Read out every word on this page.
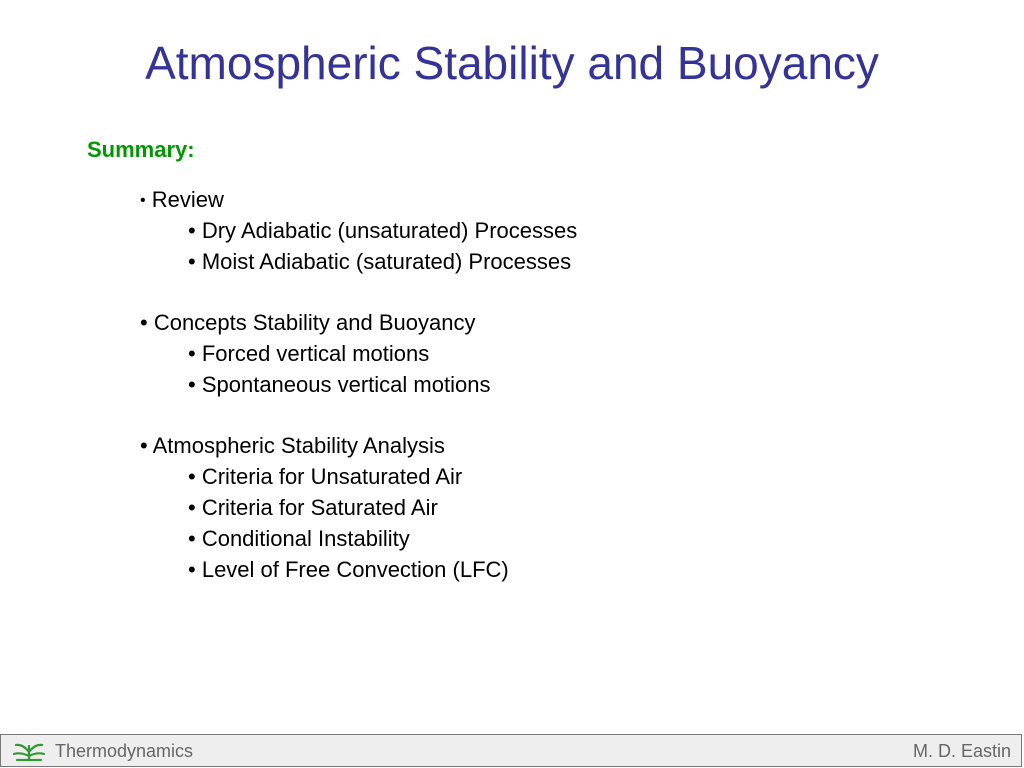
Atmospheric Stability and Buoyancy
Summary:
• Review
• Dry Adiabatic (unsaturated) Processes
• Moist Adiabatic (saturated) Processes
• Concepts Stability and Buoyancy
• Forced vertical motions
• Spontaneous vertical motions
• Atmospheric Stability Analysis
• Criteria for Unsaturated Air
• Criteria for Saturated Air
• Conditional Instability
• Level of Free Convection (LFC)
Thermodynamics	M. D. Eastin
